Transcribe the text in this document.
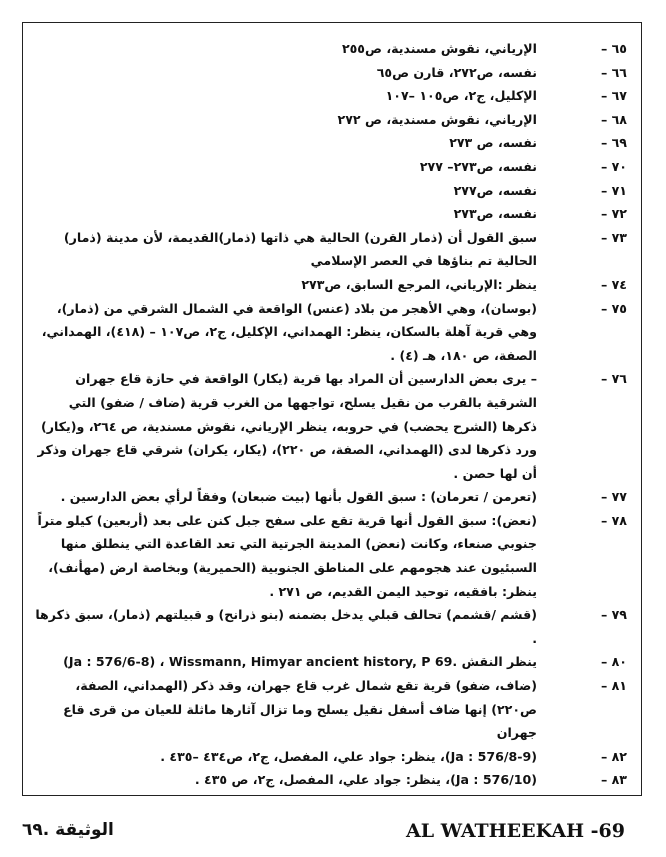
٦٥ –
الإرياني، نقوش مسندية، ص٢٥٥
٦٦ –
نفسه، ص٢٧٢، قارن ص٦٥
٦٧ –
الإكليل، ج٢، ص١٠٥ –١٠٧
٦٨ –
الإرياني، نقوش مسندية، ص ٢٧٢
٦٩ –
نفسه، ص ٢٧٣
٧٠ –
نفسه، ص٢٧٣– ٢٧٧
٧١ –
نفسه، ص٢٧٧
٧٢ –
نفسه، ص٢٧٣
٧٣ –
سبق القول أن (ذمار القرن) الحالية هي ذاتها (ذمار)القديمة، لأن مدينة (ذمار) الحالية تم بناؤها في العصر الإسلامي
٧٤ –
ينظر :الإرياني، المرجع السابق، ص٢٧٣
٧٥ –
(بوسان)، وهي الأهجر من بلاد (عنس) الواقعة في الشمال الشرقي من (ذمار)، وهي قرية آهلة بالسكان، ينظر: الهمداني، الإكليل، ج٢، ص١٠٧ – (٤١٨)، الهمداني، الصفة، ص ١٨٠، هـ (٤) .
٧٦ –
– يرى بعض الدارسين أن المراد بها قرية (يكار) الواقعة في حازة قاع جهران الشرقية بالقرب من نقيل يسلح، تواجهها من الغرب قرية (ضاف / ضفو) التي ذكرها (الشرح يحضب) في حروبه، ينظر الإرياني، نقوش مسندية، ص ٢٦٤، و(يكار) ورد ذكرها لدى (الهمداني، الصفة، ص ٢٢٠)، (يكار، يكران) شرقي قاع جهران وذكر أن لها حصن .
٧٧ –
(تعرمن / تعرمان) : سبق القول بأنها (بيت ضبعان) وفقاً لرأي بعض الدارسين .
٧٨ –
(نعض): سبق القول أنها قرية تقع على سفح جبل كنن على بعد (أربعين) كيلو متراً جنوبي صنعاء، وكانت (نعض) المدينة الجرتية التي تعد القاعدة التي ينطلق منها السبئيون عند هجومهم على المناطق الجنوبية (الحميرية) وبخاصة ارض (مهأنف)، ينظر: بافقيه، توحيد اليمن القديم، ص ٢٧١ .
٧٩ –
(قشم /قشمم) تحالف قبلي يدخل بضمنه (بنو ذرانح) و قبيلتهم (ذمار)، سبق ذكرها .
٨٠ –
ينظر النقش (Ja : 576/6-8) ، Wissmann, Himyar ancient history, P 69.
٨١ –
(ضاف، ضفو) قرية تقع شمال غرب قاع جهران، وقد ذكر (الهمداني، الصفة، ص٢٢٠) إنها ضاف أسفل نقيل يسلح وما تزال آثارها ماثلة للعيان من قرى قاع جهران
٨٢ –
(Ja : 576/8-9)، ينظر: جواد علي، المفصل، ج٢، ص٤٣٤ –٤٣٥ .
٨٣ –
(Ja : 576/10)، ينظر: جواد علي، المفصل، ج٢، ص ٤٣٥ .
AL WATHEEKAH -69
الوثيقة .٦٩
